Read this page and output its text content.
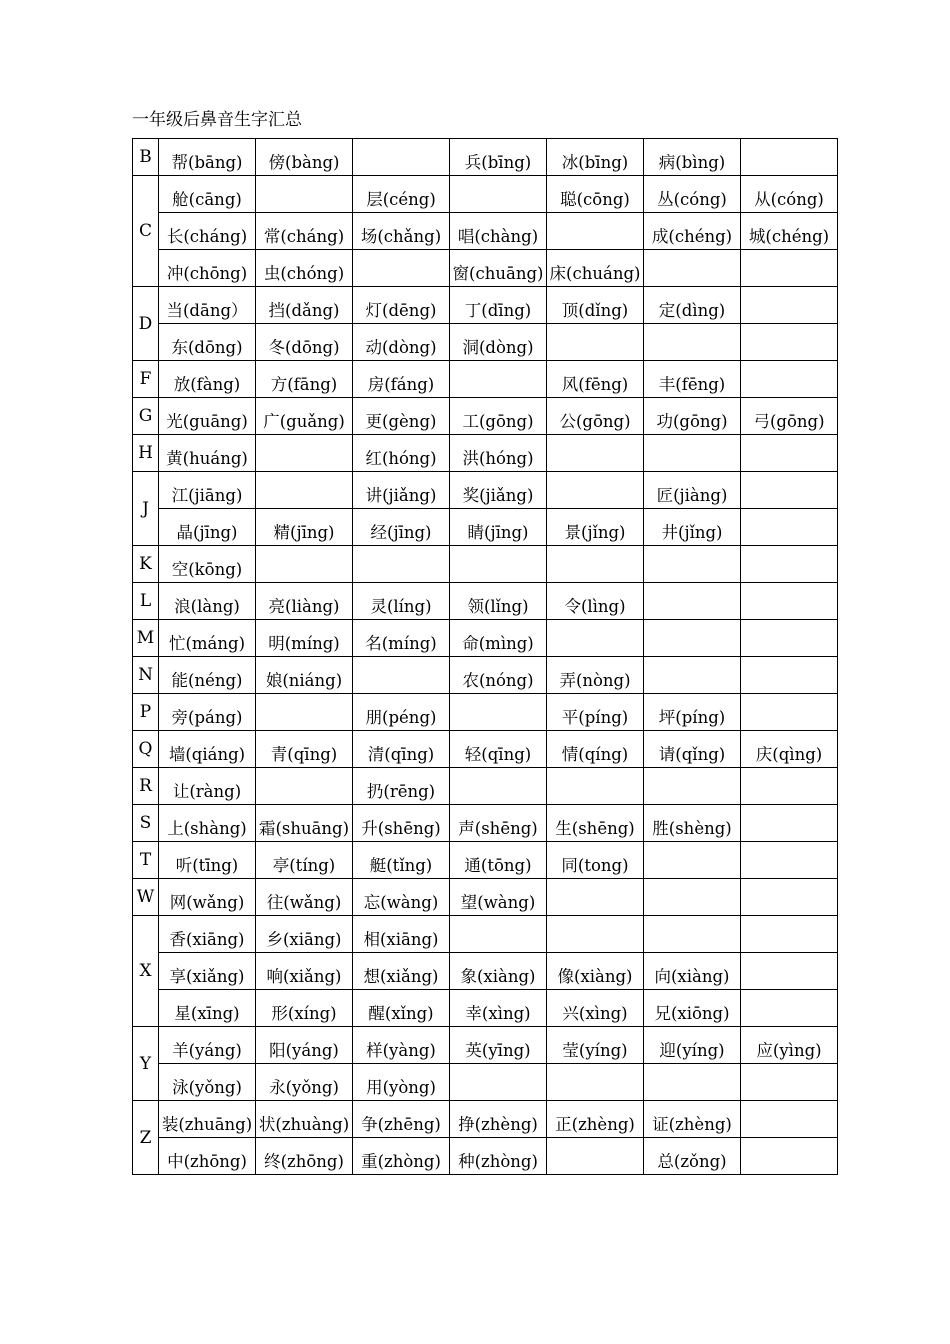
一年级后鼻音生字汇总
B	帮(bāng)	傍(bàng)		兵(bīng)	冰(bīng)	病(bìng)	
C	舱(cāng)		层(céng)		聪(cōng)	丛(cóng)	从(cóng)
	长(cháng)	常(cháng)	场(chǎng)	唱(chàng)		成(chéng)	城(chéng)
	冲(chōng)	虫(chóng)		窗(chuāng)	床(chuáng)		
D	当(dāng）	挡(dǎng)	灯(dēng)	丁(dīng)	顶(dǐng)	定(dìng)	
	东(dōng)	冬(dōng)	动(dòng)	洞(dòng)			
F	放(fàng)	方(fāng)	房(fáng)		风(fēng)	丰(fēng)	
G	光(guāng)	广(guǎng)	更(gèng)	工(gōng)	公(gōng)	功(gōng)	弓(gōng)
H	黄(huáng)		红(hóng)	洪(hóng)			
J	江(jiāng)		讲(jiǎng)	奖(jiǎng)		匠(jiàng)	
	晶(jīng)	精(jīng)	经(jīng)	睛(jīng)	景(jǐng)	井(jǐng)	
K	空(kōng)						
L	浪(làng)	亮(liàng)	灵(líng)	领(lǐng)	令(lìng)		
M	忙(máng)	明(míng)	名(míng)	命(mìng)			
N	能(néng)	娘(niáng)		农(nóng)	弄(nòng)		
P	旁(páng)		朋(péng)		平(píng)	坪(píng)	
Q	墙(qiáng)	青(qīng)	清(qīng)	轻(qīng)	情(qíng)	请(qǐng)	庆(qìng)
R	让(ràng)		扔(rēng)				
S	上(shàng)	霜(shuāng)	升(shēng)	声(shēng)	生(shēng)	胜(shèng)	
T	听(tīng)	亭(tíng)	艇(tǐng)	通(tōng)	同(tong)		
W	网(wǎng)	往(wǎng)	忘(wàng)	望(wàng)			
X	香(xiāng)	乡(xiāng)	相(xiāng)				
	享(xiǎng)	响(xiǎng)	想(xiǎng)	象(xiàng)	像(xiàng)	向(xiàng)	
	星(xīng)	形(xíng)	醒(xǐng)	幸(xìng)	兴(xìng)	兄(xiōng)	
Y	羊(yáng)	阳(yáng)	样(yàng)	英(yīng)	莹(yíng)	迎(yíng)	应(yìng)
	泳(yǒng)	永(yǒng)	用(yòng)				
Z	装(zhuāng)	状(zhuàng)	争(zhēng)	挣(zhèng)	正(zhèng)	证(zhèng)	
	中(zhōng)	终(zhōng)	重(zhòng)	种(zhòng)		总(zǒng)	
